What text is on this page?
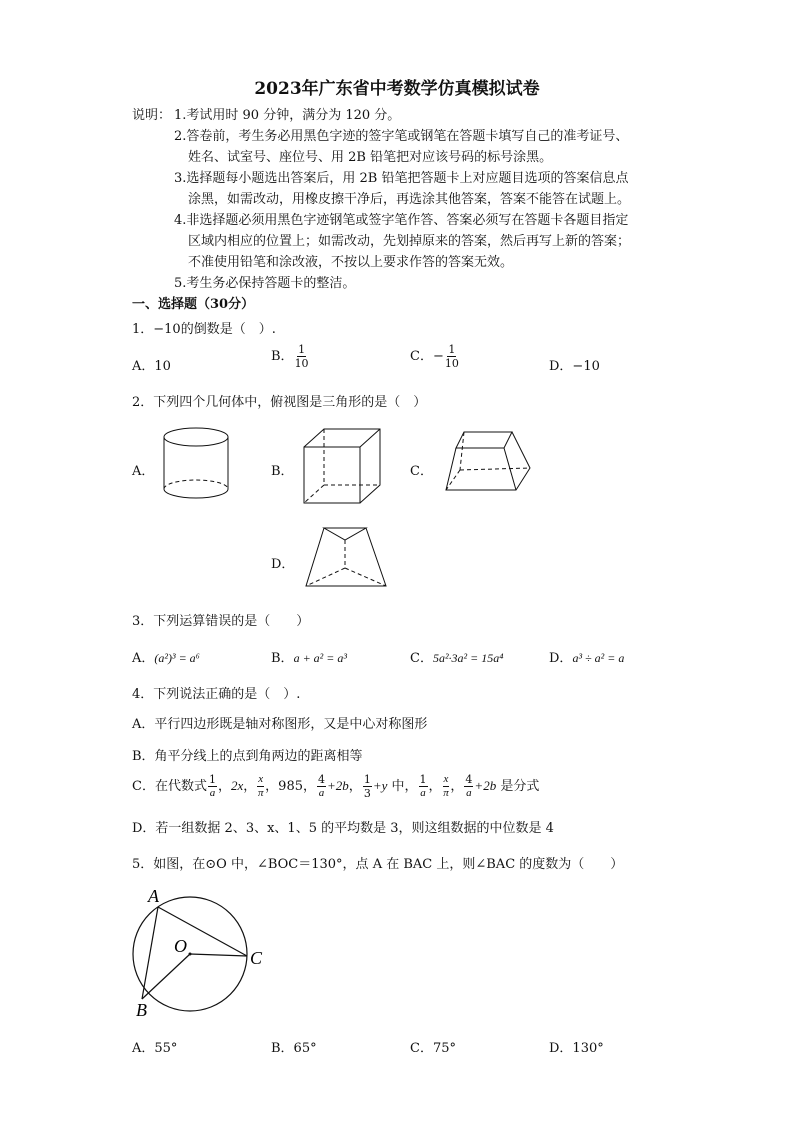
2023年广东省中考数学仿真模拟试卷
说明： 1.考试用时 90 分钟，满分为 120 分。
2.答卷前，考生务必用黑色字迹的签字笔或钢笔在答题卡填写自己的准考证号、
姓名、试室号、座位号、用 2B 铅笔把对应该号码的标号涂黑。
3.选择题每小题选出答案后，用 2B 铅笔把答题卡上对应题目选项的答案信息点
涂黑，如需改动，用橡皮擦干净后，再选涂其他答案，答案不能答在试题上。
4.非选择题必须用黑色字迹钢笔或签字笔作答、答案必须写在答题卡各题目指定
区域内相应的位置上；如需改动，先划掉原来的答案，然后再写上新的答案；
不准使用铅笔和涂改液，不按以上要求作答的答案无效。
5.考生务必保持答题卡的整洁。
一、选择题（30分）
1．−10的倒数是（　）.
A．10
B． $\frac{1}{10}$	C．− $\frac{1}{10}$	D．−10
2．下列四个几何体中，俯视图是三角形的是（　）
A．	B．	C．
D．
3．下列运算错误的是（　　）
A．(a²)³ = a⁶	B．a + a² = a³	C．5a²·3a² = 15a⁴	D．a³ ÷ a² = a
4．下列说法正确的是（　）.
A．平行四边形既是轴对称图形，又是中心对称图形
B．角平分线上的点到角两边的距离相等
C．在代数式 $\frac{1}{a}$ ，2x， $\frac{x}{\pi}$ ，985， $\frac{4}{a} +2b$， $\frac{1}{3} +y$ 中， $\frac{1}{a}$ ， $\frac{x}{\pi}$ ， $\frac{4}{a} +2b$ 是分式
D．若一组数据 2、3、x、1、5 的平均数是 3，则这组数据的中位数是 4
5．如图，在⊙O 中，∠BOC＝130°，点 A 在 BAC 上，则∠BAC 的度数为（　　）
A
O
C
B
A．55°	B．65°	C．75°	D．130°
